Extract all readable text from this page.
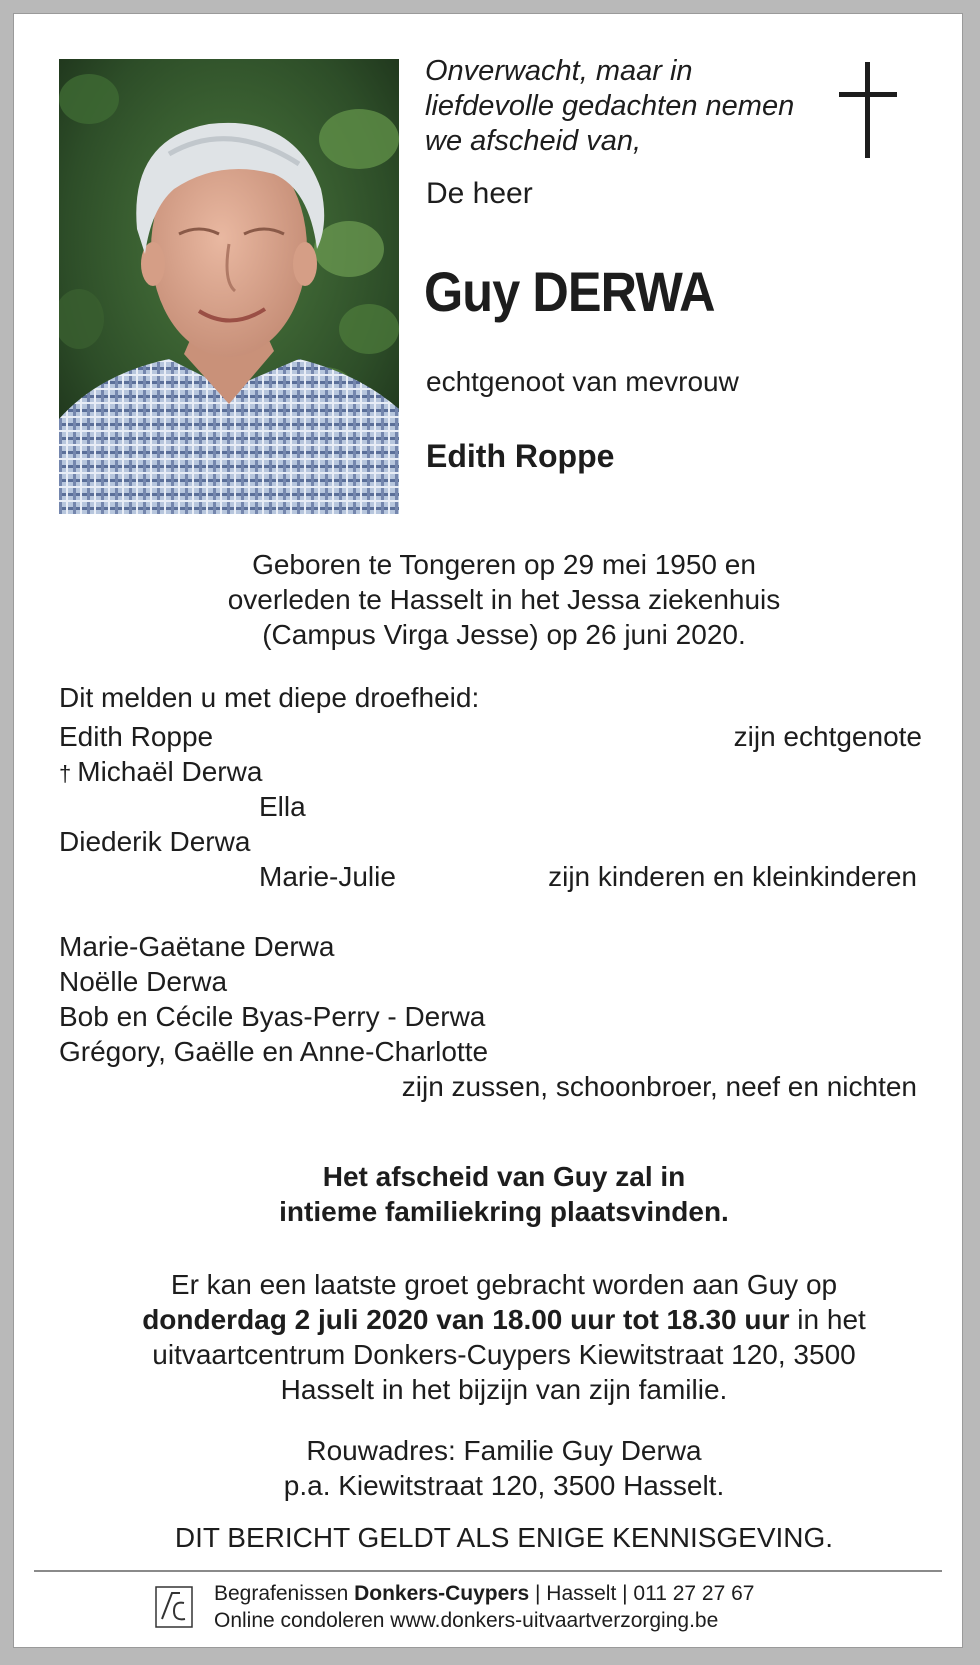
Onverwacht, maar in
liefdevolle gedachten nemen
we afscheid van,
De heer
Guy DERWA
echtgenoot van mevrouw
Edith Roppe
Geboren te Tongeren op 29 mei 1950 en
overleden te Hasselt in het Jessa ziekenhuis
(Campus Virga Jesse) op 26 juni 2020.
Dit melden u met diepe droefheid:
Edith Roppe	zijn echtgenote
† Michaël Derwa
Ella
Diederik Derwa
Marie-Julie	zijn kinderen en kleinkinderen
Marie-Gaëtane Derwa
Noëlle Derwa
Bob en Cécile Byas-Perry - Derwa
Grégory, Gaëlle en Anne-Charlotte
zijn zussen, schoonbroer, neef en nichten
Het afscheid van Guy zal in
intieme familiekring plaatsvinden.
Er kan een laatste groet gebracht worden aan Guy op
donderdag 2 juli 2020 van 18.00 uur tot 18.30 uur in het
uitvaartcentrum Donkers-Cuypers Kiewitstraat 120, 3500
Hasselt in het bijzijn van zijn familie.
Rouwadres: Familie Guy Derwa
p.a. Kiewitstraat 120, 3500 Hasselt.
DIT BERICHT GELDT ALS ENIGE KENNISGEVING.
Begrafenissen Donkers-Cuypers | Hasselt | 011 27 27 67
Online condoleren www.donkers-uitvaartverzorging.be
